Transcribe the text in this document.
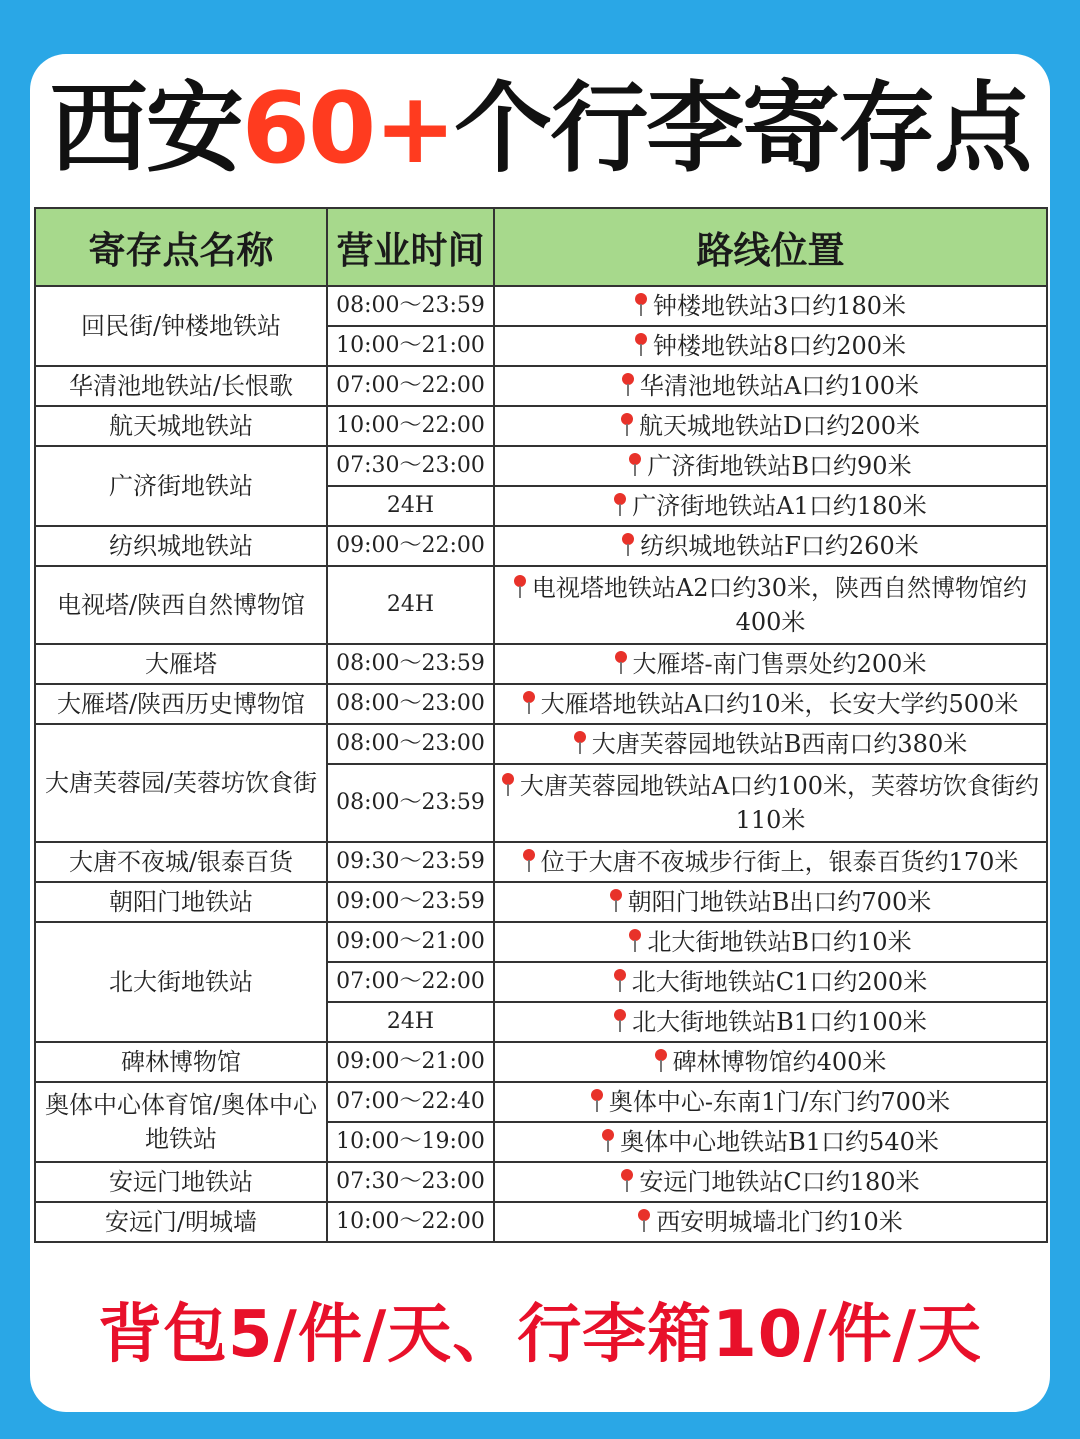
西安60+个行李寄存点
寄存点名称	营业时间	路线位置
回民街/钟楼地铁站	08:00～23:59	钟楼地铁站3口约180米
	10:00～21:00	钟楼地铁站8口约200米
华清池地铁站/长恨歌	07:00～22:00	华清池地铁站A口约100米
航天城地铁站	10:00～22:00	航天城地铁站D口约200米
广济街地铁站	07:30～23:00	广济街地铁站B口约90米
	24H	广济街地铁站A1口约180米
纺织城地铁站	09:00～22:00	纺织城地铁站F口约260米
电视塔/陕西自然博物馆	24H	电视塔地铁站A2口约30米，陕西自然博物馆约400米
大雁塔	08:00～23:59	大雁塔-南门售票处约200米
大雁塔/陕西历史博物馆	08:00～23:00	大雁塔地铁站A口约10米，长安大学约500米
大唐芙蓉园/芙蓉坊饮食街	08:00～23:00	大唐芙蓉园地铁站B西南口约380米
	08:00～23:59	大唐芙蓉园地铁站A口约100米，芙蓉坊饮食街约110米
大唐不夜城/银泰百货	09:30～23:59	位于大唐不夜城步行街上，银泰百货约170米
朝阳门地铁站	09:00～23:59	朝阳门地铁站B出口约700米
北大街地铁站	09:00～21:00	北大街地铁站B口约10米
	07:00～22:00	北大街地铁站C1口约200米
	24H	北大街地铁站B1口约100米
碑林博物馆	09:00～21:00	碑林博物馆约400米
奥体中心体育馆/奥体中心地铁站	07:00～22:40	奥体中心-东南1门/东门约700米
	10:00～19:00	奥体中心地铁站B1口约540米
安远门地铁站	07:30～23:00	安远门地铁站C口约180米
安远门/明城墙	10:00～22:00	西安明城墙北门约10米
背包5/件/天、行李箱10/件/天
